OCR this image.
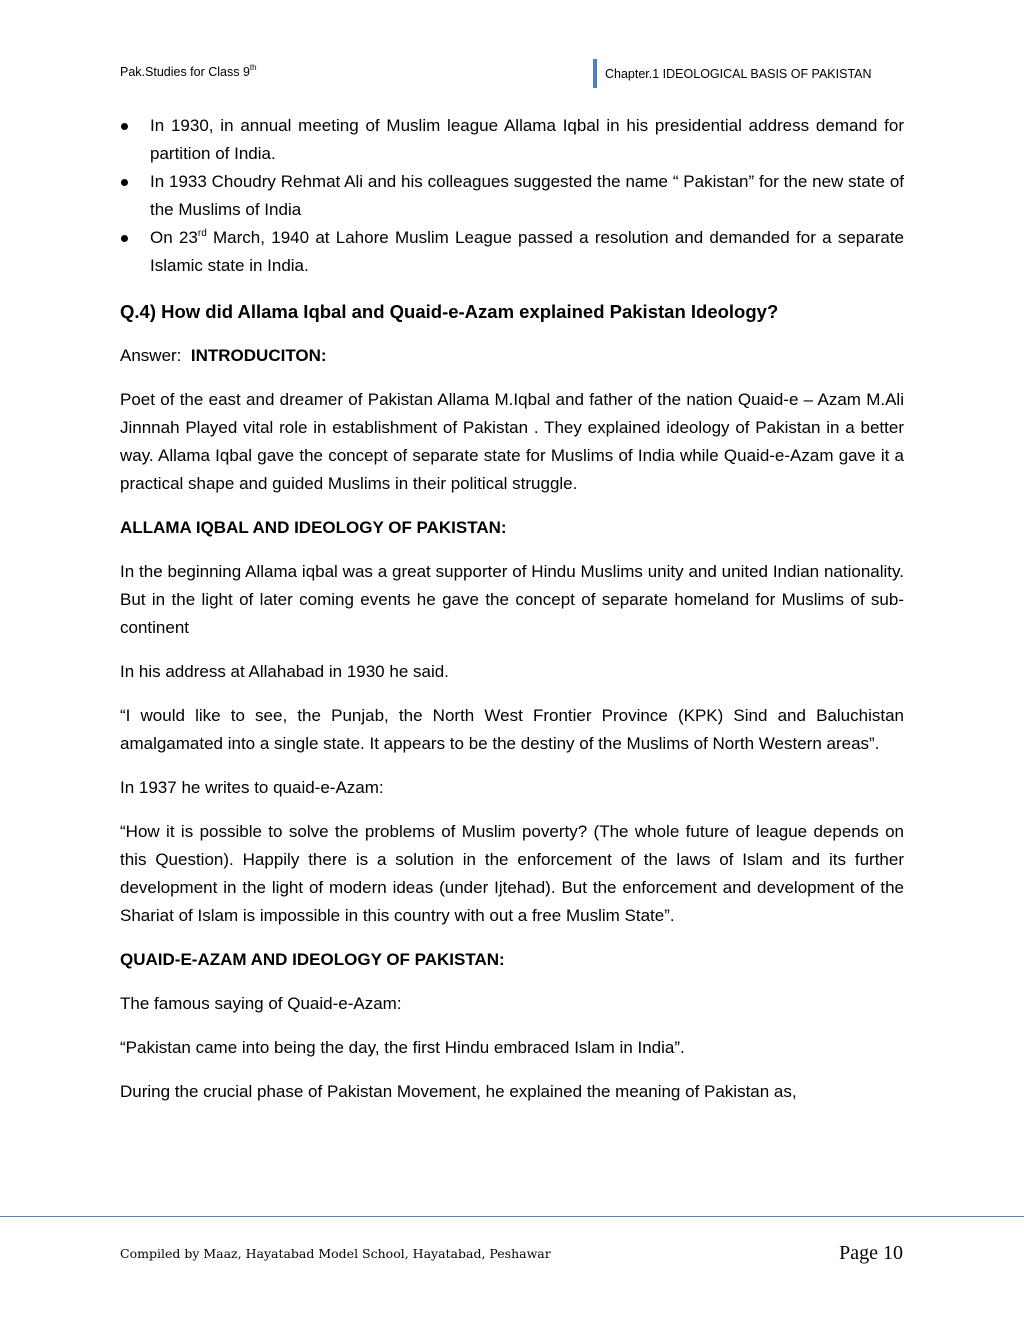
Pak.Studies for Class 9th	Chapter.1 IDEOLOGICAL BASIS OF PAKISTAN
In 1930, in annual meeting of Muslim league Allama Iqbal in his presidential address demand for partition of India.
In 1933 Choudry Rehmat Ali and his colleagues suggested the name “ Pakistan” for the new state of the Muslims of India
On 23rd March, 1940 at Lahore Muslim League passed a resolution and demanded for a separate Islamic state in India.
Q.4) How did Allama Iqbal and Quaid-e-Azam explained Pakistan Ideology?

Answer: INTRODUCITON:

Poet of the east and dreamer of Pakistan Allama M.Iqbal and father of the nation Quaid-e – Azam M.Ali Jinnnah Played vital role in establishment of Pakistan . They explained ideology of Pakistan in a better way. Allama Iqbal gave the concept of separate state for Muslims of India while Quaid-e-Azam gave it a practical shape and guided Muslims in their political struggle.

ALLAMA IQBAL AND IDEOLOGY OF PAKISTAN:

In the beginning Allama iqbal was a great supporter of Hindu Muslims unity and united Indian nationality. But in the light of later coming events he gave the concept of separate homeland for Muslims of sub-continent

In his address at Allahabad in 1930 he said.

“I would like to see, the Punjab, the North West Frontier Province (KPK) Sind and Baluchistan amalgamated into a single state. It appears to be the destiny of the Muslims of North Western areas”.

In 1937 he writes to quaid-e-Azam:

“How it is possible to solve the problems of Muslim poverty? (The whole future of league depends on this Question). Happily there is a solution in the enforcement of the laws of Islam and its further development in the light of modern ideas (under Ijtehad). But the enforcement and development of the Shariat of Islam is impossible in this country with out a free Muslim State”.

QUAID-E-AZAM AND IDEOLOGY OF PAKISTAN:

The famous saying of Quaid-e-Azam:

“Pakistan came into being the day, the first Hindu embraced Islam in India”.

During the crucial phase of Pakistan Movement, he explained the meaning of Pakistan as,

Compiled by Maaz, Hayatabad Model School, Hayatabad, Peshawar	Page 10
